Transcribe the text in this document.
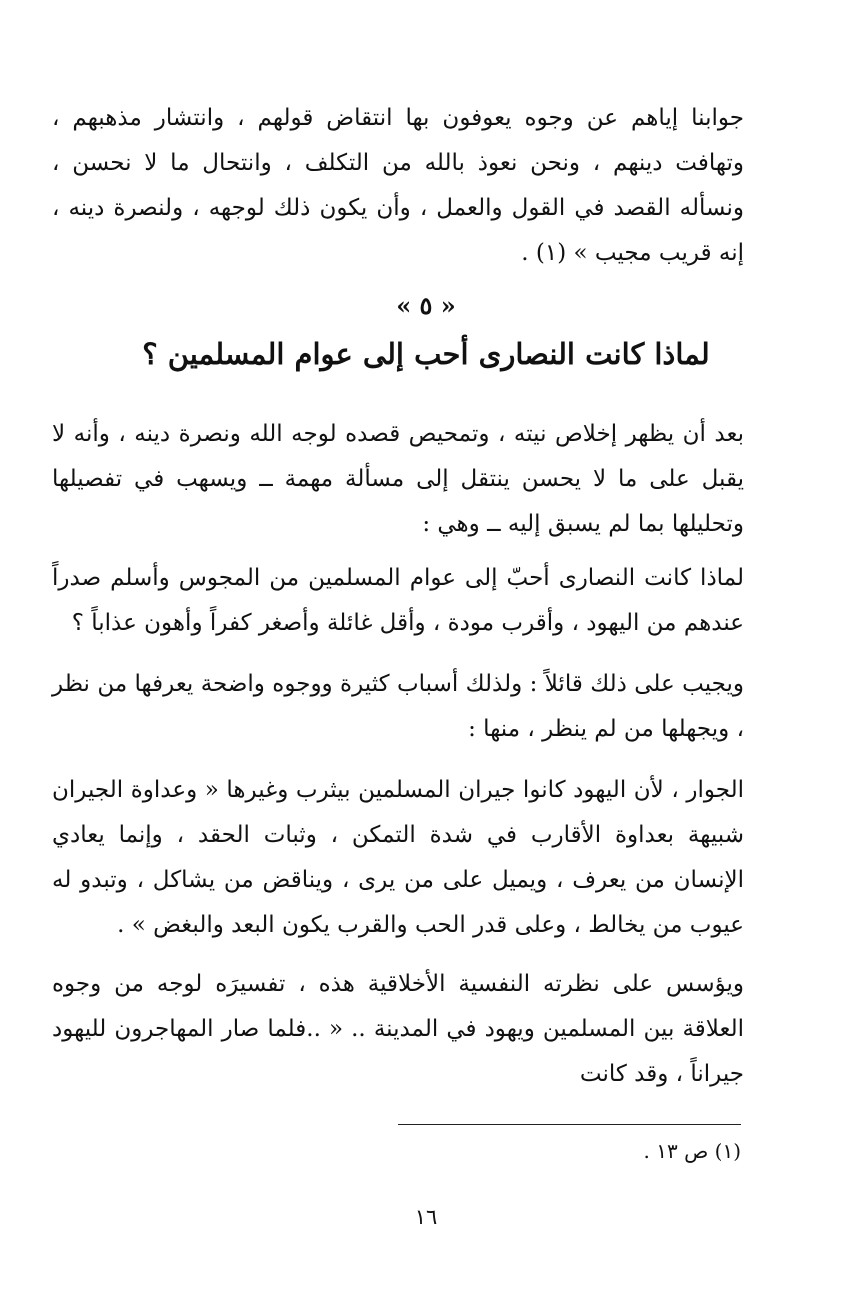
جوابنا إياهم عن وجوه يعوفون بها انتقاض قولهم ، وانتشار مذهبهم ، وتهافت دينهم ، ونحن نعوذ بالله من التكلف ، وانتحال ما لا نحسن ، ونسأله القصد في القول والعمل ، وأن يكون ذلك لوجهه ، ولنصرة دينه ، إنه قريب مجيب » (١) .

« ٥ »

لماذا كانت النصارى أحب إلى عوام المسلمين ؟

بعد أن يظهر إخلاص نيته ، وتمحيص قصده لوجه الله ونصرة دينه ، وأنه لا يقبل على ما لا يحسن ينتقل إلى مسألة مهمة ــ ويسهب في تفصيلها وتحليلها بما لم يسبق إليه ــ وهي :

لماذا كانت النصارى أحبّ إلى عوام المسلمين من المجوس وأسلم صدراً عندهم من اليهود ، وأقرب مودة ، وأقل غائلة وأصغر كفراً وأهون عذاباً ؟

ويجيب على ذلك قائلاً : ولذلك أسباب كثيرة ووجوه واضحة يعرفها من نظر ، ويجهلها من لم ينظر ، منها :

الجوار ، لأن اليهود كانوا جيران المسلمين بيثرب وغيرها « وعداوة الجيران شبيهة بعداوة الأقارب في شدة التمكن ، وثبات الحقد ، وإنما يعادي الإنسان من يعرف ، ويميل على من يرى ، ويناقض من يشاكل ، وتبدو له عيوب من يخالط ، وعلى قدر الحب والقرب يكون البعد والبغض » .

ويؤسس على نظرته النفسية الأخلاقية هذه ، تفسيرَه لوجه من وجوه العلاقة بين المسلمين ويهود في المدينة .. « ..فلما صار المهاجرون لليهود جيراناً ، وقد كانت

(١) ص ١٣ .

١٦
